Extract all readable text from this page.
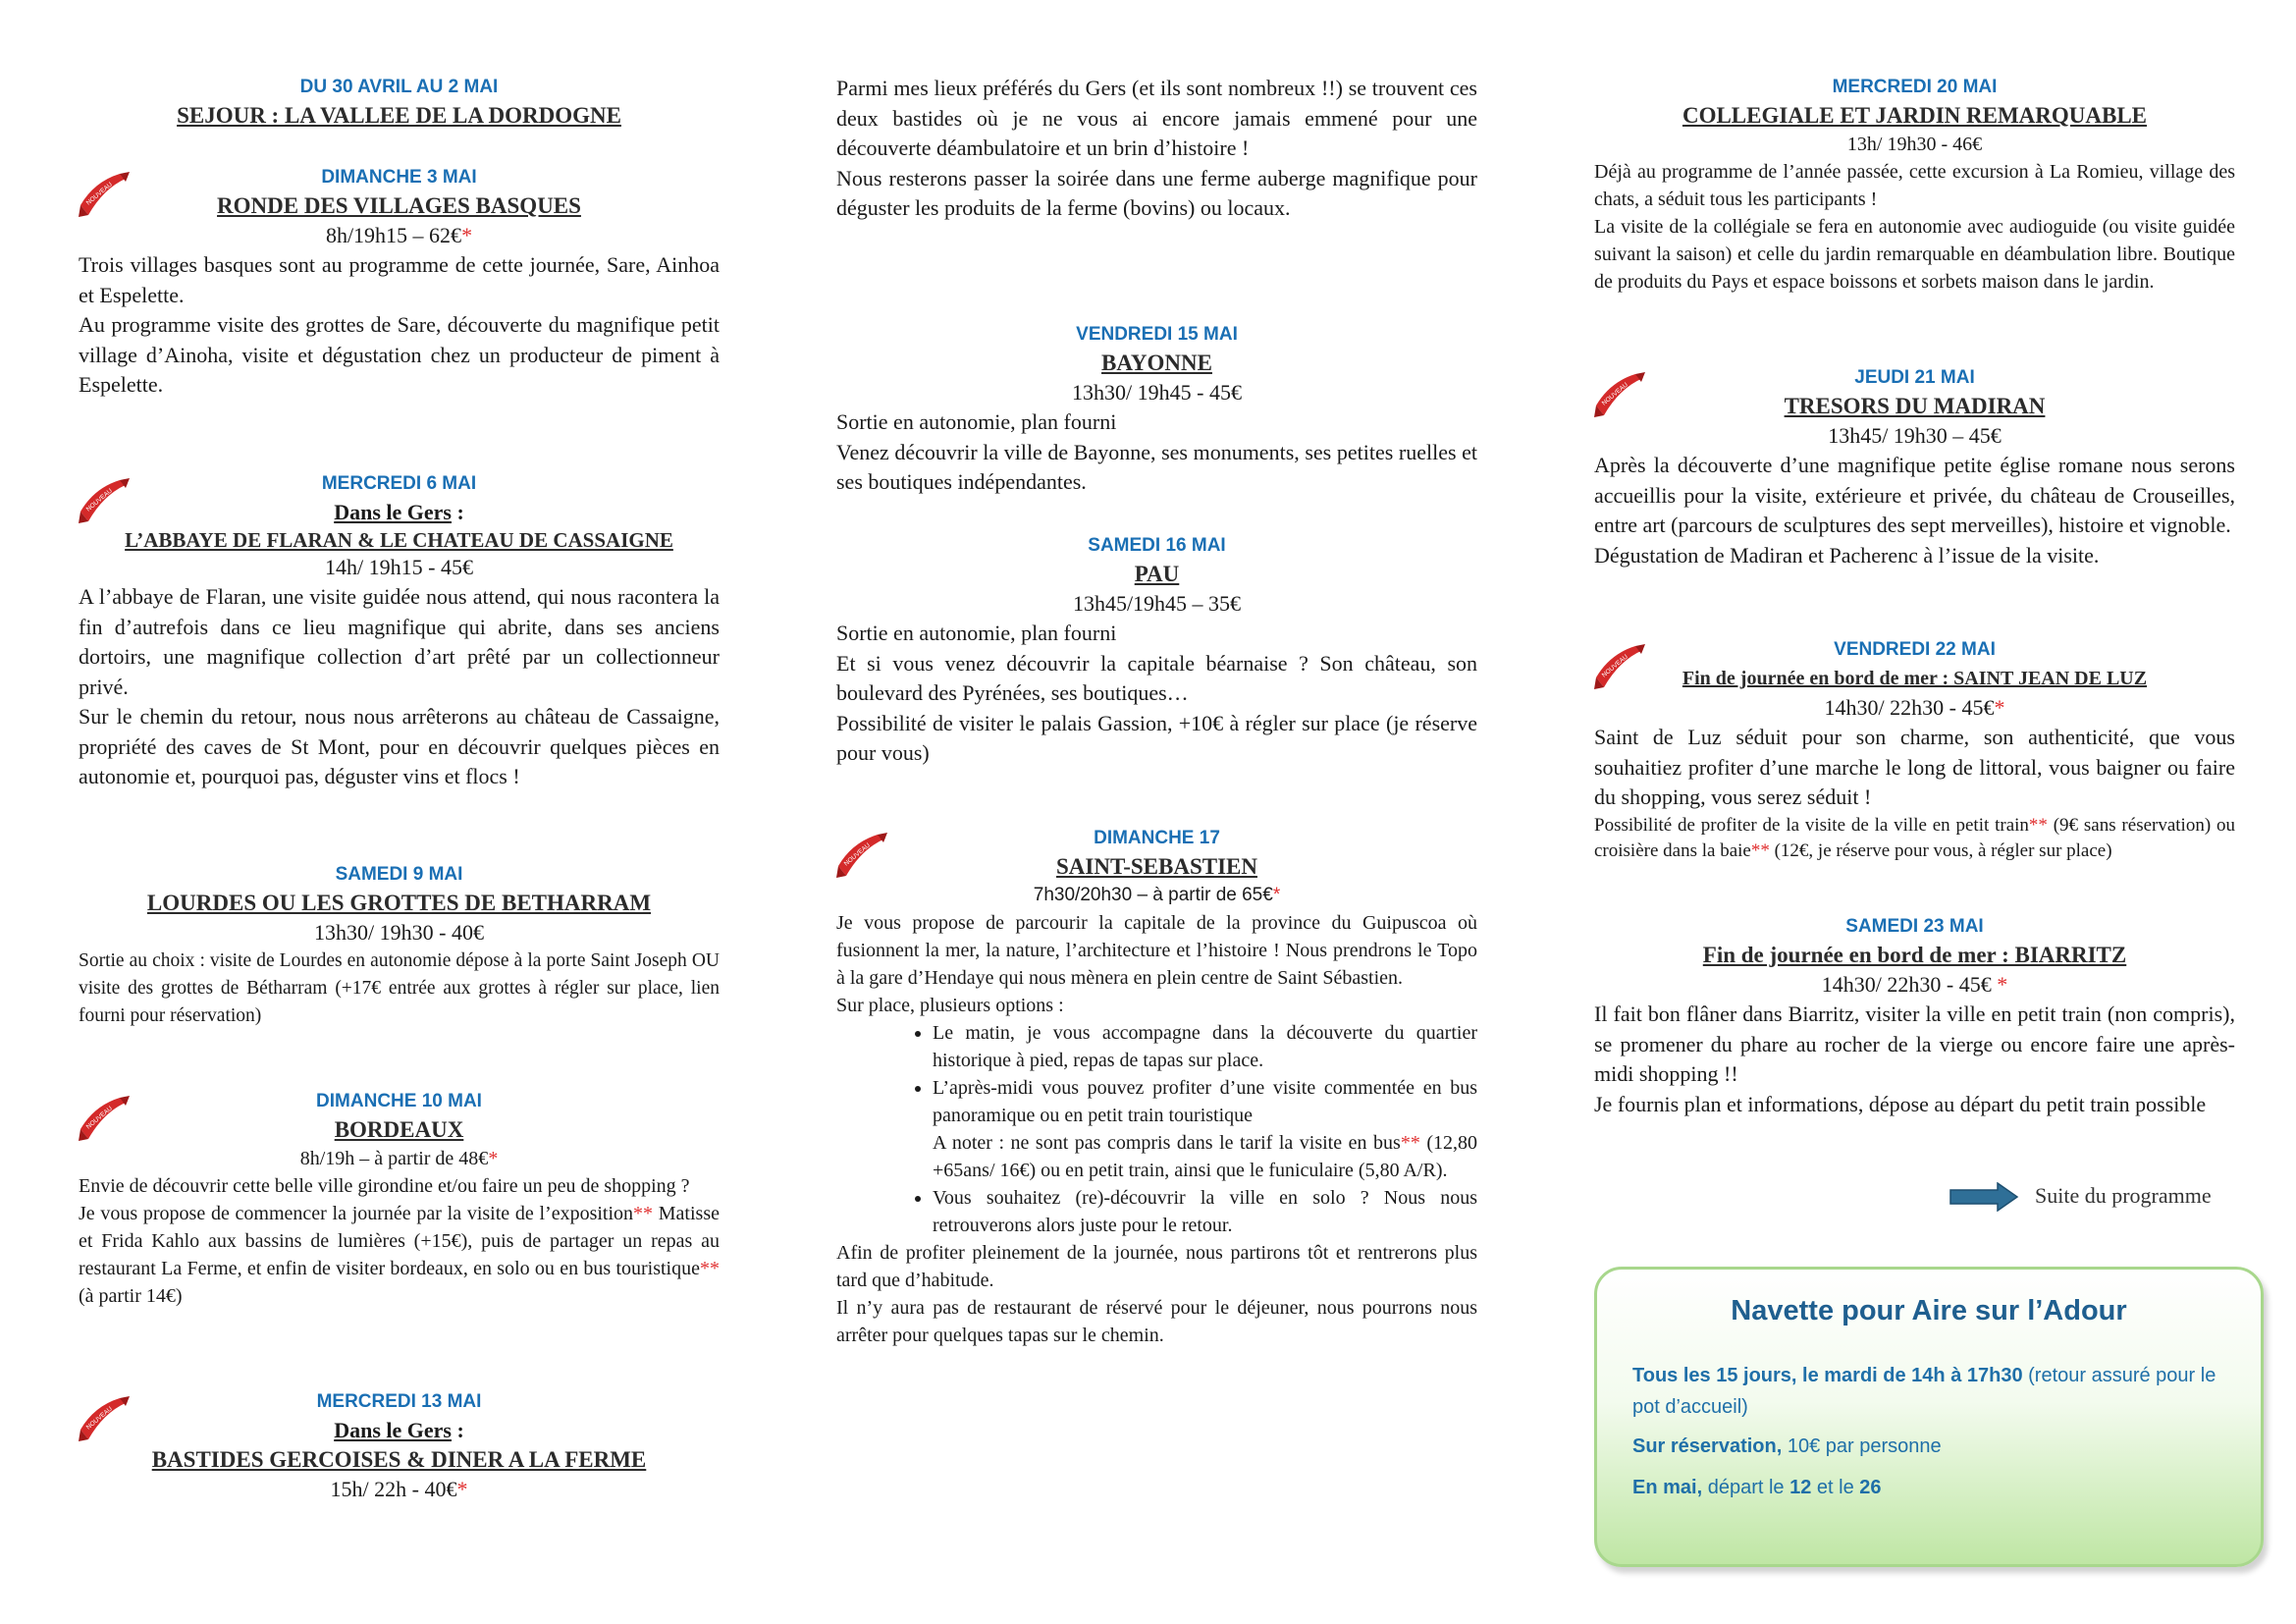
DU 30 AVRIL AU 2 MAI
SEJOUR : LA VALLEE DE LA DORDOGNE
DIMANCHE 3 MAI
RONDE DES VILLAGES BASQUES
8h/19h15 – 62€*

Trois villages basques sont au programme de cette journée, Sare, Ainhoa et Espelette.

Au programme visite des grottes de Sare, découverte du magnifique petit village d’Ainoha, visite et dégustation chez un producteur de piment à Espelette.

MERCREDI 6 MAI
Dans le Gers :
L’ABBAYE DE FLARAN & LE CHATEAU DE CASSAIGNE
14h/ 19h15 - 45€

A l’abbaye de Flaran, une visite guidée nous attend, qui nous racontera la fin d’autrefois dans ce lieu magnifique qui abrite, dans ses anciens dortoirs, une magnifique collection d’art prêté par un collectionneur privé.

Sur le chemin du retour, nous nous arrêterons au château de Cassaigne, propriété des caves de St Mont, pour en découvrir quelques pièces en autonomie et, pourquoi pas, déguster vins et flocs !

SAMEDI 9 MAI
LOURDES OU LES GROTTES DE BETHARRAM
13h30/ 19h30 - 40€

Sortie au choix : visite de Lourdes en autonomie dépose à la porte Saint Joseph OU visite des grottes de Bétharram (+17€ entrée aux grottes à régler sur place, lien fourni pour réservation)

DIMANCHE 10 MAI
BORDEAUX
8h/19h – à partir de 48€*

Envie de découvrir cette belle ville girondine et/ou faire un peu de shopping ?

Je vous propose de commencer la journée par la visite de l’exposition** Matisse et Frida Kahlo aux bassins de lumières (+15€), puis de partager un repas au restaurant La Ferme, et enfin de visiter bordeaux, en solo ou en bus touristique** (à partir 14€)

MERCREDI 13 MAI
Dans le Gers :
BASTIDES GERCOISES & DINER A LA FERME
15h/ 22h - 40€*

Parmi mes lieux préférés du Gers (et ils sont nombreux !!) se trouvent ces deux bastides où je ne vous ai encore jamais emmené pour une découverte déambulatoire et un brin d’histoire !

Nous resterons passer la soirée dans une ferme auberge magnifique pour déguster les produits de la ferme (bovins) ou locaux.

VENDREDI 15 MAI
BAYONNE
13h30/ 19h45 - 45€

Sortie en autonomie, plan fourni

Venez découvrir la ville de Bayonne, ses monuments, ses petites ruelles et ses boutiques indépendantes.

SAMEDI 16 MAI
PAU
13h45/19h45 – 35€

Sortie en autonomie, plan fourni

Et si vous venez découvrir la capitale béarnaise ? Son château, son boulevard des Pyrénées, ses boutiques…

Possibilité de visiter le palais Gassion, +10€ à régler sur place (je réserve pour vous)

DIMANCHE 17
SAINT-SEBASTIEN
7h30/20h30 – à partir de 65€*

Je vous propose de parcourir la capitale de la province du Guipuscoa où fusionnent la mer, la nature, l’architecture et l’histoire ! Nous prendrons le Topo à la gare d’Hendaye qui nous mènera en plein centre de Saint Sébastien.

Sur place, plusieurs options :

• Le matin, je vous accompagne dans la découverte du quartier historique à pied, repas de tapas sur place.
• L’après-midi vous pouvez profiter d’une visite commentée en bus panoramique ou en petit train touristique
A noter : ne sont pas compris dans le tarif la visite en bus** (12,80 +65ans/ 16€) ou en petit train, ainsi que le funiculaire (5,80 A/R).
• Vous souhaitez (re)-découvrir la ville en solo ? Nous nous retrouverons alors juste pour le retour.

Afin de profiter pleinement de la journée, nous partirons tôt et rentrerons plus tard que d’habitude.

Il n’y aura pas de restaurant de réservé pour le déjeuner, nous pourrons nous arrêter pour quelques tapas sur le chemin.

MERCREDI 20 MAI
COLLEGIALE ET JARDIN REMARQUABLE
13h/ 19h30 - 46€

Déjà au programme de l’année passée, cette excursion à La Romieu, village des chats, a séduit tous les participants !

La visite de la collégiale se fera en autonomie avec audioguide (ou visite guidée suivant la saison) et celle du jardin remarquable en déambulation libre. Boutique de produits du Pays et espace boissons et sorbets maison dans le jardin.

JEUDI 21 MAI
TRESORS DU MADIRAN
13h45/ 19h30 – 45€

Après la découverte d’une magnifique petite église romane nous serons accueillis pour la visite, extérieure et privée, du château de Crouseilles, entre art (parcours de sculptures des sept merveilles), histoire et vignoble.

Dégustation de Madiran et Pacherenc à l’issue de la visite.

VENDREDI 22 MAI
Fin de journée en bord de mer : SAINT JEAN DE LUZ
14h30/ 22h30 - 45€*

Saint de Luz séduit pour son charme, son authenticité, que vous souhaitiez profiter d’une marche le long de littoral, vous baigner ou faire du shopping, vous serez séduit !

Possibilité de profiter de la visite de la ville en petit train** (9€ sans réservation) ou croisière dans la baie** (12€, je réserve pour vous, à régler sur place)

SAMEDI 23 MAI
Fin de journée en bord de mer : BIARRITZ
14h30/ 22h30 - 45€ *

Il fait bon flâner dans Biarritz, visiter la ville en petit train (non compris), se promener du phare au rocher de la vierge ou encore faire une après-midi shopping !!

Je fournis plan et informations, dépose au départ du petit train possible

Suite du programme
Navette pour Aire sur l’Adour
Tous les 15 jours, le mardi de 14h à 17h30 (retour assuré pour le pot d’accueil)
Sur réservation, 10€ par personne
En mai, départ le 12 et le 26
